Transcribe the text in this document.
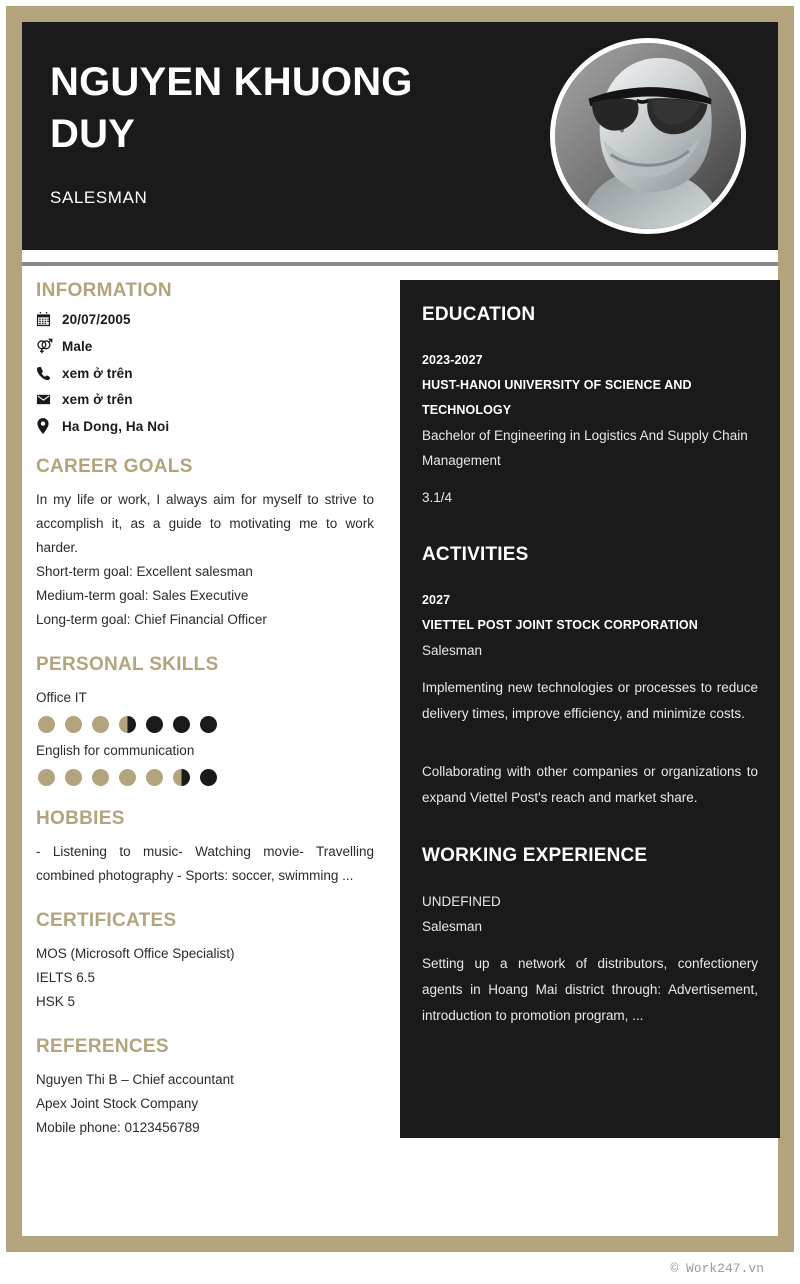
NGUYEN KHUONG DUY
SALESMAN
INFORMATION
20/07/2005
Male
xem ở trên
xem ở trên
Ha Dong, Ha Noi
CAREER GOALS
In my life or work, I always aim for myself to strive to accomplish it, as a guide to motivating me to work harder.
Short-term goal: Excellent salesman
Medium-term goal: Sales Executive
Long-term goal: Chief Financial Officer
PERSONAL SKILLS
Office IT
English for communication
HOBBIES
- Listening to music- Watching movie- Travelling combined photography - Sports: soccer, swimming ...
CERTIFICATES
MOS (Microsoft Office Specialist)
IELTS 6.5
HSK 5
REFERENCES
Nguyen Thi B – Chief accountant
Apex Joint Stock Company
Mobile phone: 0123456789
EDUCATION
2023-2027
HUST-HANOI UNIVERSITY OF SCIENCE AND TECHNOLOGY
Bachelor of Engineering in Logistics And Supply Chain Management
3.1/4
ACTIVITIES
2027
VIETTEL POST JOINT STOCK CORPORATION
Salesman
Implementing new technologies or processes to reduce delivery times, improve efficiency, and minimize costs.
Collaborating with other companies or organizations to expand Viettel Post's reach and market share.
WORKING EXPERIENCE
UNDEFINED
Salesman
Setting up a network of distributors, confectionery agents in Hoang Mai district through: Advertisement, introduction to promotion program, ...
© Work247.vn
